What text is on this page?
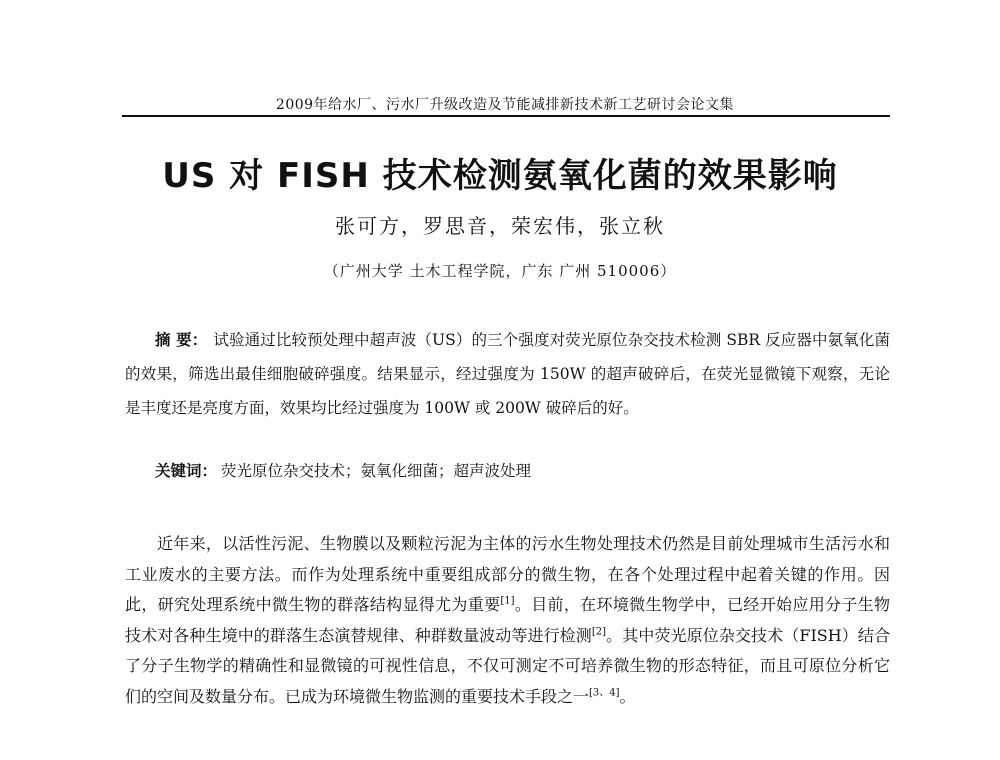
2009年给水厂、污水厂升级改造及节能减排新技术新工艺研讨会论文集
US 对 FISH 技术检测氨氧化菌的效果影响
张可方，罗思音，荣宏伟，张立秋
（广州大学 土木工程学院，广东 广州 510006）
摘 要： 试验通过比较预处理中超声波（US）的三个强度对荧光原位杂交技术检测 SBR 反应器中氨氧化菌的效果，筛选出最佳细胞破碎强度。结果显示，经过强度为 150W 的超声破碎后，在荧光显微镜下观察，无论是丰度还是亮度方面，效果均比经过强度为 100W 或 200W 破碎后的好。
关键词： 荧光原位杂交技术；氨氧化细菌；超声波处理

近年来，以活性污泥、生物膜以及颗粒污泥为主体的污水生物处理技术仍然是目前处理城市生活污水和工业废水的主要方法。而作为处理系统中重要组成部分的微生物，在各个处理过程中起着关键的作用。因此，研究处理系统中微生物的群落结构显得尤为重要[1]。目前，在环境微生物学中，已经开始应用分子生物技术对各种生境中的群落生态演替规律、种群数量波动等进行检测[2]。其中荧光原位杂交技术（FISH）结合了分子生物学的精确性和显微镜的可视性信息，不仅可测定不可培养微生物的形态特征，而且可原位分析它们的空间及数量分布。已成为环境微生物监测的重要技术手段之一[3、4]。
